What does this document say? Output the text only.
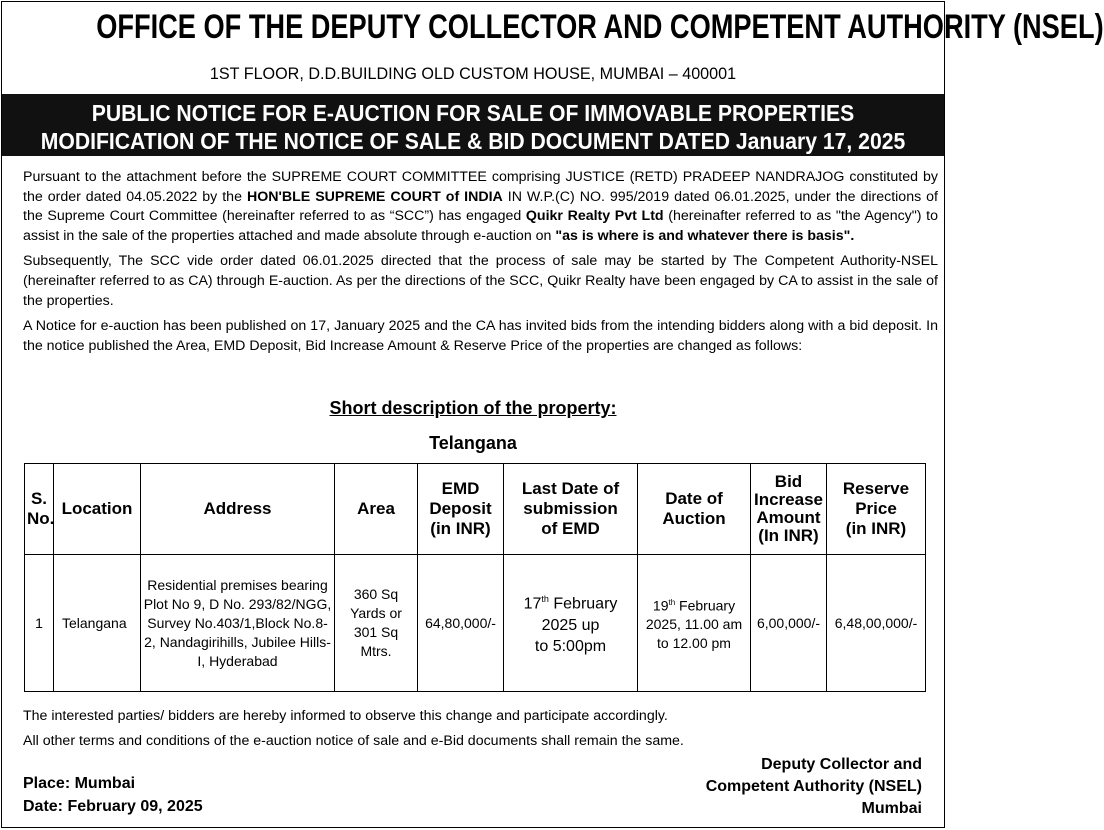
OFFICE OF THE DEPUTY COLLECTOR AND COMPETENT AUTHORITY (NSEL)
1ST FLOOR, D.D.BUILDING OLD CUSTOM HOUSE, MUMBAI – 400001
PUBLIC NOTICE FOR E-AUCTION FOR SALE OF IMMOVABLE PROPERTIES
MODIFICATION OF THE NOTICE OF SALE & BID DOCUMENT DATED January 17, 2025

Pursuant to the attachment before the SUPREME COURT COMMITTEE comprising JUSTICE (RETD) PRADEEP NANDRAJOG constituted by the order dated 04.05.2022 by the HON'BLE SUPREME COURT of INDIA IN W.P.(C) NO. 995/2019 dated 06.01.2025, under the directions of the Supreme Court Committee (hereinafter referred to as “SCC”) has engaged Quikr Realty Pvt Ltd (hereinafter referred to as "the Agency") to assist in the sale of the properties attached and made absolute through e-auction on "as is where is and whatever there is basis".

Subsequently, The SCC vide order dated 06.01.2025 directed that the process of sale may be started by The Competent Authority-NSEL (hereinafter referred to as CA) through E-auction. As per the directions of the SCC, Quikr Realty have been engaged by CA to assist in the sale of the properties.

A Notice for e-auction has been published on 17, January 2025 and the CA has invited bids from the intending bidders along with a bid deposit. In the notice published the Area, EMD Deposit, Bid Increase Amount & Reserve Price of the properties are changed as follows:

Short description of the property:
Telangana
S.
No.	Location	Address	Area	EMD
Deposit
(in INR)	Last Date of
submission
of EMD	Date of
Auction	Bid
Increase
Amount
(In INR)	Reserve
Price
(in INR)
1	Telangana	Residential premises bearing Plot No 9, D No. 293/82/NGG, Survey No.403/1,Block No.8-2, Nandagirihills, Jubilee Hills-I, Hyderabad	360 Sq Yards or 301 Sq Mtrs.	64,80,000/-	17th February
2025 up
to 5:00pm	19th February
2025, 11.00 am
to 12.00 pm	6,00,000/-	6,48,00,000/-
The interested parties/ bidders are hereby informed to observe this change and participate accordingly.
All other terms and conditions of the e-auction notice of sale and e-Bid documents shall remain the same.
Place: Mumbai
Date: February 09, 2025
Deputy Collector and
Competent Authority (NSEL)
Mumbai
